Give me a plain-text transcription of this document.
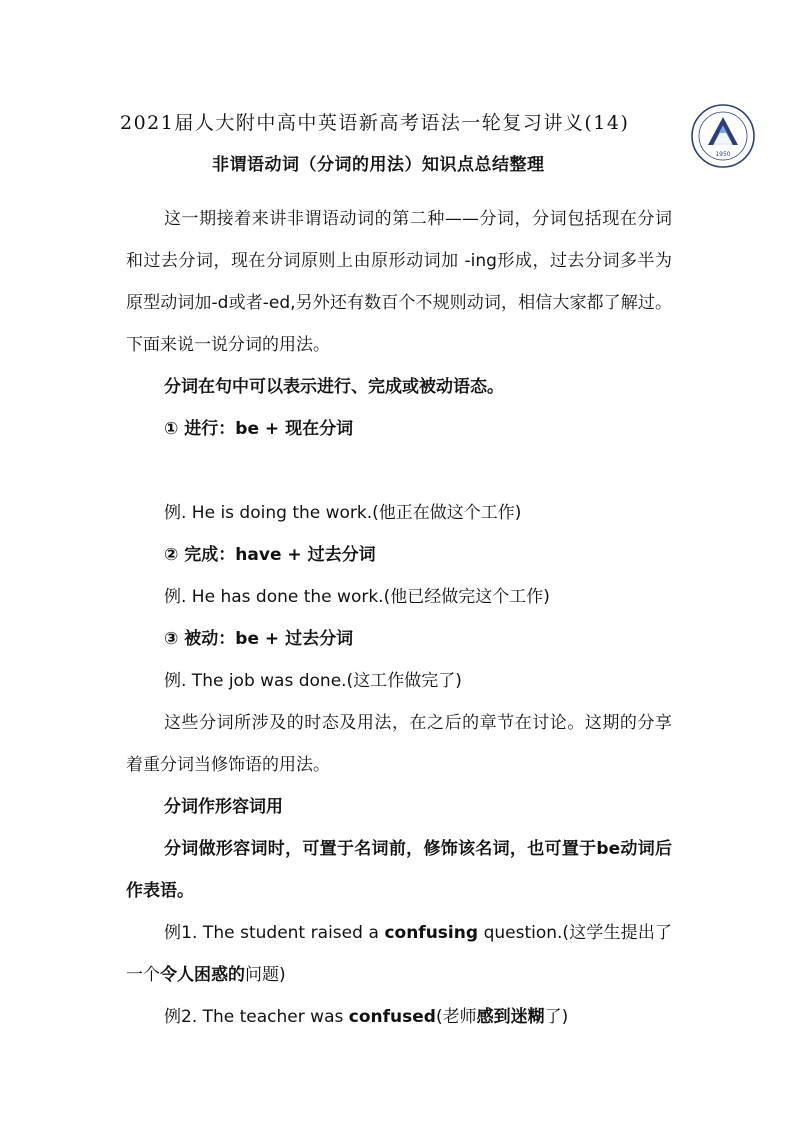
2021届人大附中高中英语新高考语法一轮复习讲义(14)
非谓语动词（分词的用法）知识点总结整理
1950

这一期接着来讲非谓语动词的第二种——分词，分词包括现在分词和过去分词，现在分词原则上由原形动词加 -ing形成，过去分词多半为原型动词加-d或者-ed,另外还有数百个不规则动词，相信大家都了解过。下面来说一说分词的用法。

分词在句中可以表示进行、完成或被动语态。

① 进行：be + 现在分词

例. He is doing the work.(他正在做这个工作)

② 完成：have + 过去分词

例. He has done the work.(他已经做完这个工作)

③ 被动：be + 过去分词

例. The job was done.(这工作做完了)

这些分词所涉及的时态及用法，在之后的章节在讨论。这期的分享着重分词当修饰语的用法。

分词作形容词用

分词做形容词时，可置于名词前，修饰该名词，也可置于be动词后作表语。

例1. The student raised a confusing question.(这学生提出了一个令人困惑的问题)

例2. The teacher was confused(老师感到迷糊了)
